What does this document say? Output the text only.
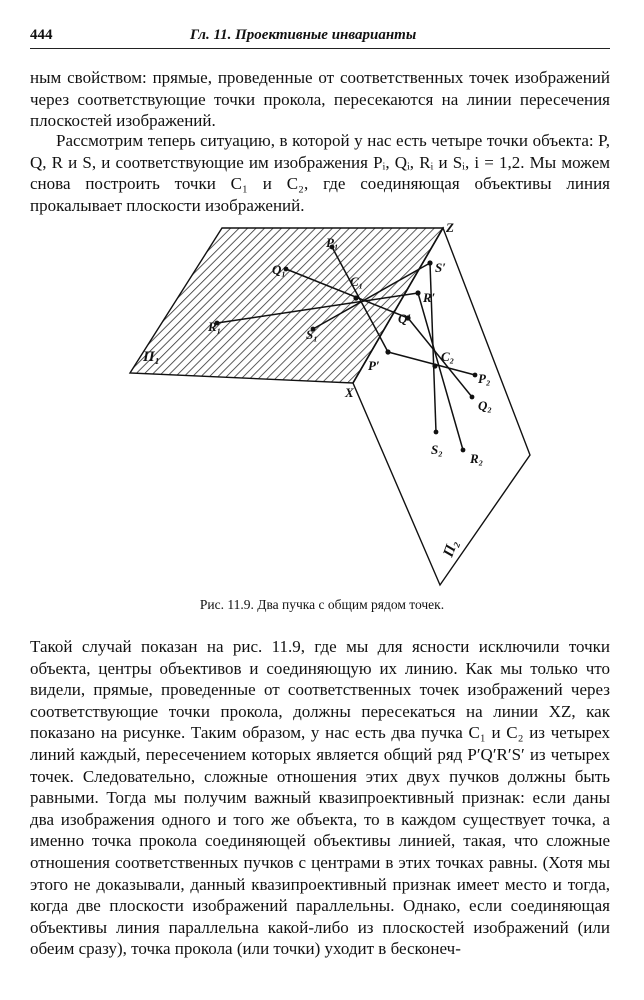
444	Гл. 11. Проективные инварианты

ным свойством: прямые, проведенные от соответственных точек изображений через соответствующие точки прокола, пересекаются на линии пересечения плоскостей изображений.

Рассмотрим теперь ситуацию, в которой у нас есть четыре точки объекта: P, Q, R и S, и соответствующие им изображения Pᵢ, Qᵢ, Rᵢ и Sᵢ, i = 1,2. Мы можем снова построить точки C₁ и C₂, где соединяющая объективы линия прокалывает плоскости изображений.

P₁
Q₁
R₁
S₁
C₁
Z
X
S′
R′
Q′
P′
C₂
P₂
Q₂
S₂
R₂
Π₁
Π₂
Рис. 11.9. Два пучка с общим рядом точек.

Такой случай показан на рис. 11.9, где мы для ясности исключили точки объекта, центры объективов и соединяющую их линию. Как мы только что видели, прямые, проведенные от соответственных точек изображений через соответствующие точки прокола, должны пересекаться на линии XZ, как показано на рисунке. Таким образом, у нас есть два пучка C₁ и C₂ из четырех линий каждый, пересечением которых является общий ряд P′Q′R′S′ из четырех точек. Следовательно, сложные отношения этих двух пучков должны быть равными. Тогда мы получим важный квазипроективный признак: если даны два изображения одного и того же объекта, то в каждом существует точка, а именно точка прокола соединяющей объективы линией, такая, что сложные отношения соответственных пучков с центрами в этих точках равны. (Хотя мы этого не доказывали, данный квазипроективный признак имеет место и тогда, когда две плоскости изображений параллельны. Однако, если соединяющая объективы линия параллельна какой-либо из плоскостей изображений (или обеим сразу), точка прокола (или точки) уходит в бесконеч-
